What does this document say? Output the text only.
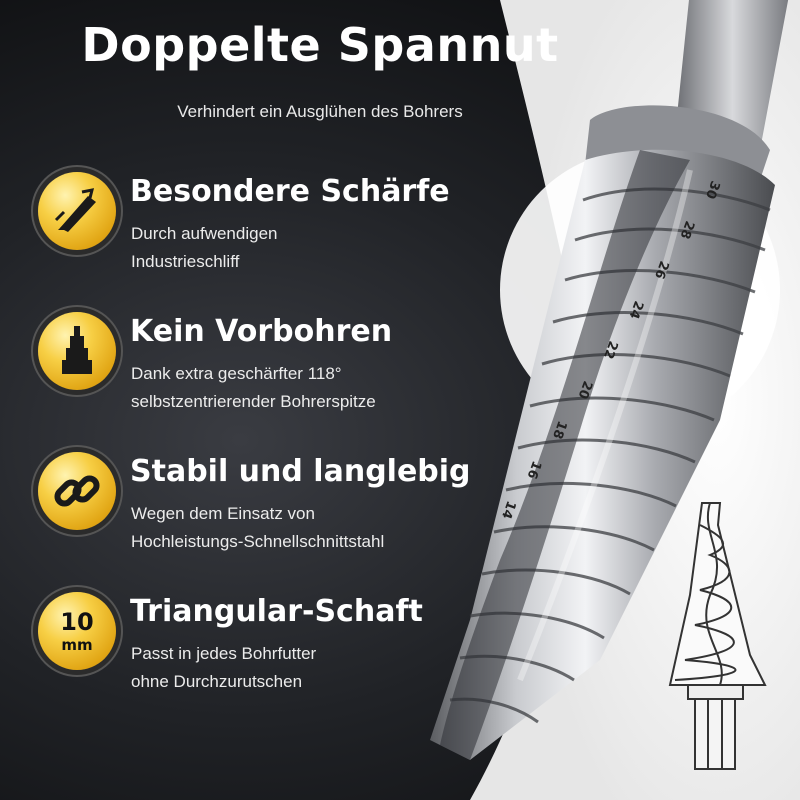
30
28
26
24
22
20
18
16
14
Doppelte Spannut
Verhindert ein Ausglühen des Bohrers
Besondere Schärfe
Durch aufwendigen
Industrieschliff
Kein Vorbohren
Dank extra geschärfter 118°
selbstzentrierender Bohrerspitze
Stabil und langlebig
Wegen dem Einsatz von
Hochleistungs-Schnellschnittstahl
10
mm
Triangular-Schaft
Passt in jedes Bohrfutter
ohne Durchzurutschen
